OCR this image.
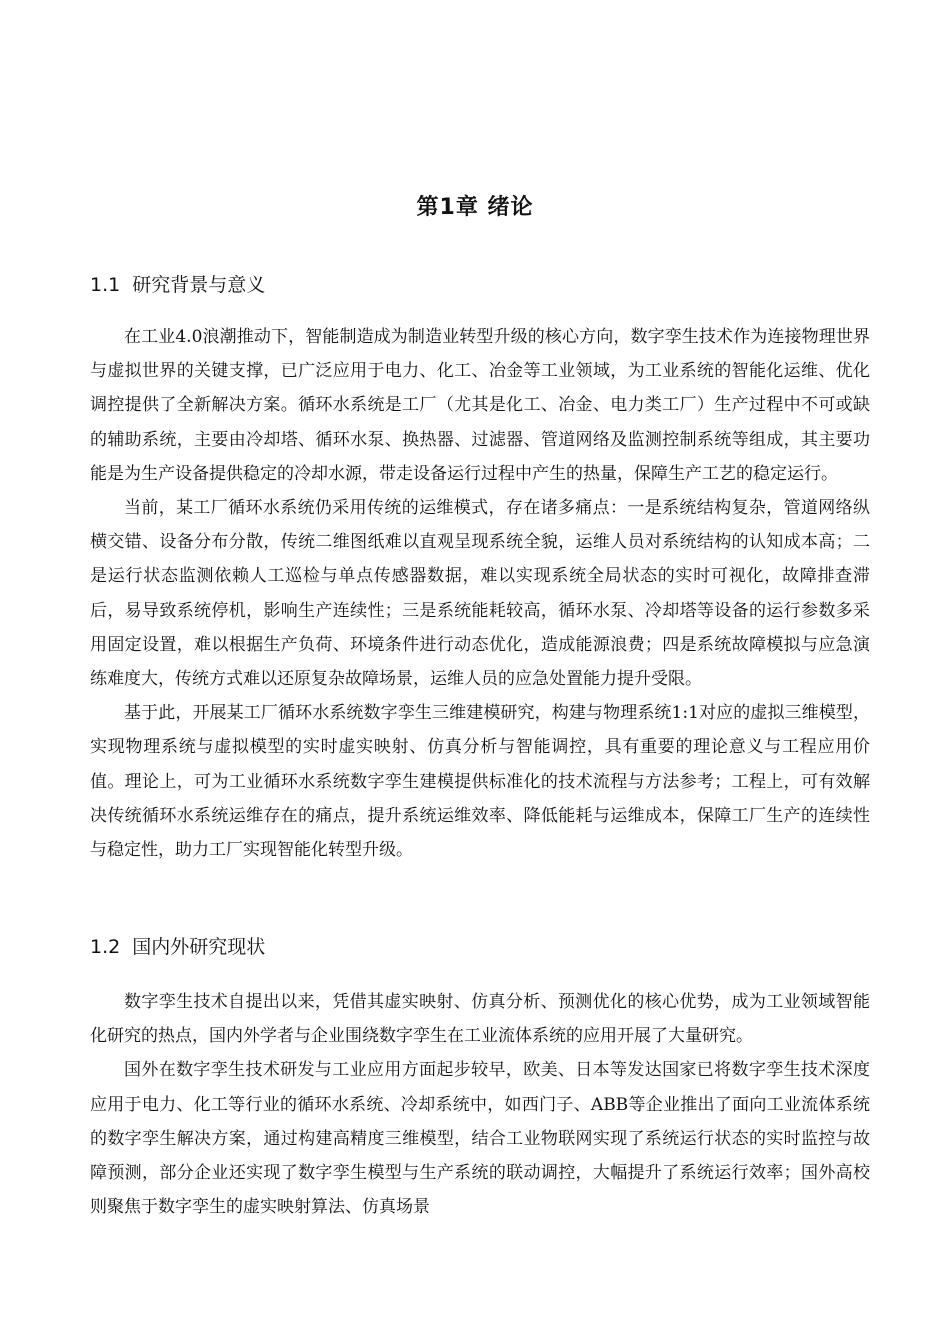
第1章 绪论
1.1 研究背景与意义

在工业4.0浪潮推动下，智能制造成为制造业转型升级的核心方向，数字孪生技术作为连接物理世界与虚拟世界的关键支撑，已广泛应用于电力、化工、冶金等工业领域，为工业系统的智能化运维、优化调控提供了全新解决方案。循环水系统是工厂（尤其是化工、冶金、电力类工厂）生产过程中不可或缺的辅助系统，主要由冷却塔、循环水泵、换热器、过滤器、管道网络及监测控制系统等组成，其主要功能是为生产设备提供稳定的冷却水源，带走设备运行过程中产生的热量，保障生产工艺的稳定运行。

当前，某工厂循环水系统仍采用传统的运维模式，存在诸多痛点：一是系统结构复杂，管道网络纵横交错、设备分布分散，传统二维图纸难以直观呈现系统全貌，运维人员对系统结构的认知成本高；二是运行状态监测依赖人工巡检与单点传感器数据，难以实现系统全局状态的实时可视化，故障排查滞后，易导致系统停机，影响生产连续性；三是系统能耗较高，循环水泵、冷却塔等设备的运行参数多采用固定设置，难以根据生产负荷、环境条件进行动态优化，造成能源浪费；四是系统故障模拟与应急演练难度大，传统方式难以还原复杂故障场景，运维人员的应急处置能力提升受限。

基于此，开展某工厂循环水系统数字孪生三维建模研究，构建与物理系统1:1对应的虚拟三维模型，实现物理系统与虚拟模型的实时虚实映射、仿真分析与智能调控，具有重要的理论意义与工程应用价值。理论上，可为工业循环水系统数字孪生建模提供标准化的技术流程与方法参考；工程上，可有效解决传统循环水系统运维存在的痛点，提升系统运维效率、降低能耗与运维成本，保障工厂生产的连续性与稳定性，助力工厂实现智能化转型升级。

1.2 国内外研究现状

数字孪生技术自提出以来，凭借其虚实映射、仿真分析、预测优化的核心优势，成为工业领域智能化研究的热点，国内外学者与企业围绕数字孪生在工业流体系统的应用开展了大量研究。

国外在数字孪生技术研发与工业应用方面起步较早，欧美、日本等发达国家已将数字孪生技术深度应用于电力、化工等行业的循环水系统、冷却系统中，如西门子、ABB等企业推出了面向工业流体系统的数字孪生解决方案，通过构建高精度三维模型，结合工业物联网实现了系统运行状态的实时监控与故障预测，部分企业还实现了数字孪生模型与生产系统的联动调控，大幅提升了系统运行效率；国外高校则聚焦于数字孪生的虚实映射算法、仿真场景
